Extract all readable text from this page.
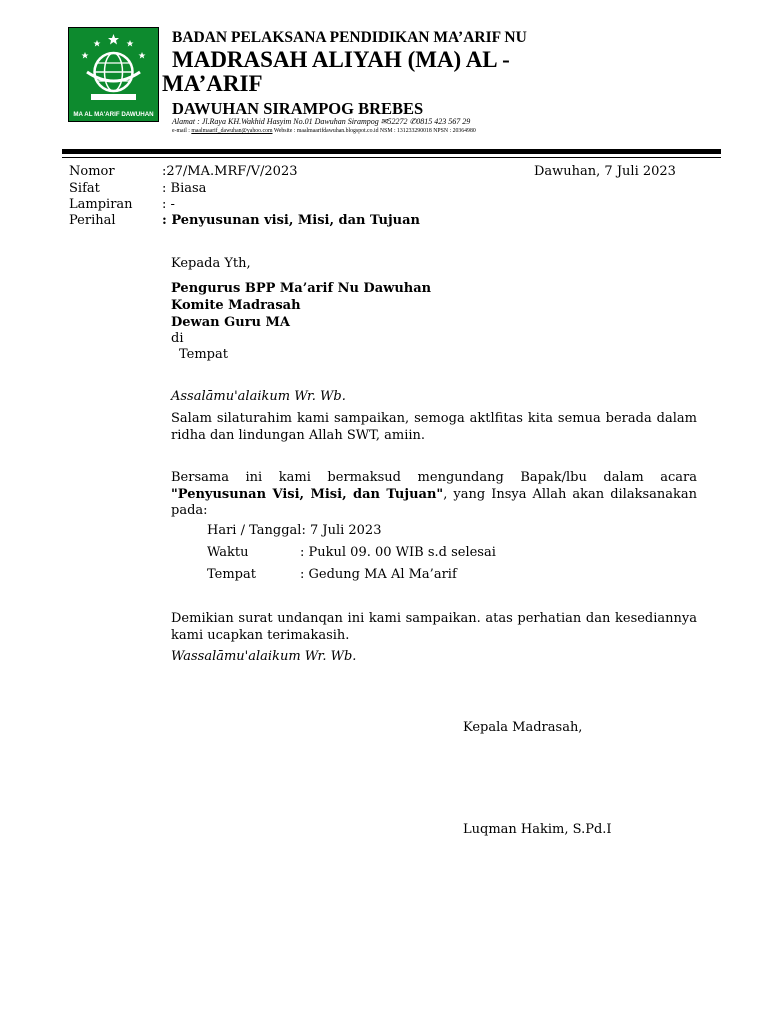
MA AL MA'ARIF DAWUHAN
BADAN PELAKSANA PENDIDIKAN MA’ARIF NU
MADRASAH ALIYAH (MA) AL -
MA’ARIF
DAWUHAN SIRAMPOG BREBES
Alamat : Jl.Raya KH.Wakhid Hasyim No.01 Dawuhan Sirampog ✉52272 ✆0815 423 567 29
e-mail : maalmaarif_dawuhan@yahoo.com Website : maalmaarifdawuhan.blogspot.co.id NSM : 131233290018 NPSN : 20364980
Nomor	:27/MA.MRF/V/2023	Dawuhan, 7 Juli 2023
Sifat	: Biasa
Lampiran : -
Perihal	: Penyusunan visi, Misi, dan Tujuan
Kepada Yth,
Pengurus BPP Ma’arif Nu Dawuhan
Komite Madrasah
Dewan Guru MA
di
Tempat
Assalāmu'alaikum Wr. Wb.
Salam silaturahim kami sampaikan, semoga aktlfitas kita semua berada dalam
ridha dan lindungan Allah SWT, amiin.
Bersama ini kami bermaksud mengundang Bapak/lbu dalam acara
"Penyusunan Visi, Misi, dan Tujuan", yang Insya Allah akan dilaksanakan
pada:
Hari / Tanggal: 7 Juli 2023
Waktu	: Pukul 09. 00 WIB s.d selesai
Tempat	: Gedung MA Al Ma’arif
Demikian surat undanqan ini kami sampaikan. atas perhatian dan kesediannya
kami ucapkan terimakasih.
Wassalāmu'alaikum Wr. Wb.
Kepala Madrasah,
Luqman Hakim, S.Pd.I
